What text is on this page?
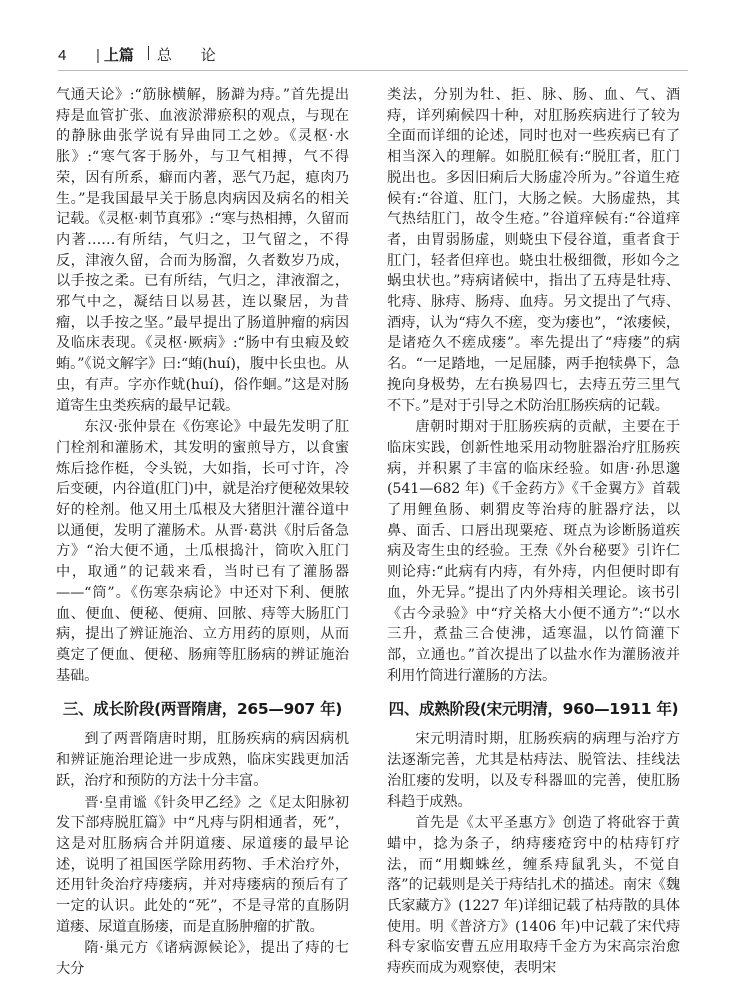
4	| 上篇 总 论

气通天论》:“筋脉横解，肠澼为痔。”首先提出痔是血管扩张、血液淤滞瘀积的观点，与现在的静脉曲张学说有异曲同工之妙。《灵枢·水胀》:“寒气客于肠外，与卫气相搏，气不得荣，因有所系，癖而内著，恶气乃起，瘜肉乃生。”是我国最早关于肠息肉病因及病名的相关记载。《灵枢·刺节真邪》:“寒与热相搏，久留而内著……有所结，气归之，卫气留之，不得反，津液久留，合而为肠溜，久者数岁乃成，以手按之柔。已有所结，气归之，津液溜之，邪气中之，凝结日以易甚，连以聚居，为昔瘤，以手按之坚。”最早提出了肠道肿瘤的病因及临床表现。《灵枢·厥病》:“肠中有虫瘕及蛟蛕。”《说文解字》曰:“蛕(huí)，腹中长虫也。从虫，有声。字亦作蚘(huí)，俗作蛔。”这是对肠道寄生虫类疾病的最早记载。

东汉·张仲景在《伤寒论》中最先发明了肛门栓剂和灌肠术，其发明的蜜煎导方，以食蜜炼后捻作梃，令头锐，大如指，长可寸许，冷后变硬，内谷道(肛门)中，就是治疗便秘效果较好的栓剂。他又用土瓜根及大猪胆汁灌谷道中以通便，发明了灌肠术。从晋·葛洪《肘后备急方》“治大便不通，土瓜根捣汁，筒吹入肛门中，取通”的记载来看，当时已有了灌肠器——“筒”。《伤寒杂病论》中还对下利、便脓血、便血、便秘、便痈、回脓、痔等大肠肛门病，提出了辨证施治、立方用药的原则，从而奠定了便血、便秘、肠痈等肛肠病的辨证施治基础。

三、成长阶段(两晋隋唐，265—907 年)

到了两晋隋唐时期，肛肠疾病的病因病机和辨证施治理论进一步成熟，临床实践更加活跃，治疗和预防的方法十分丰富。

晋·皇甫谧《针灸甲乙经》之《足太阳脉初发下部痔脱肛篇》中“凡痔与阴相通者，死”，这是对肛肠病合并阴道瘘、尿道瘘的最早论述，说明了祖国医学除用药物、手术治疗外，还用针灸治疗痔瘘病，并对痔瘘病的预后有了一定的认识。此处的“死”，不是寻常的直肠阴道瘘、尿道直肠瘘，而是直肠肿瘤的扩散。

隋·巢元方《诸病源候论》，提出了痔的七大分

类法，分别为牡、拒、脉、肠、血、气、酒痔，详列痢候四十种，对肛肠疾病进行了较为全面而详细的论述，同时也对一些疾病已有了相当深入的理解。如脱肛候有:“脱肛者，肛门脱出也。多因旧痢后大肠虚冷所为。”谷道生疮候有:“谷道、肛门，大肠之候。大肠虚热，其气热结肛门，故令生疮。”谷道痒候有:“谷道痒者，由胃弱肠虚，则蛲虫下侵谷道，重者食于肛门，轻者但痒也。蛲虫壮极细微，形如今之蜗虫状也。”痔病诸候中，指出了五痔是牡痔、牝痔、脉痔、肠痔、血痔。另文提出了气痔、酒痔，认为“痔久不瘥，变为瘘也”，“浓瘘候，是诸疮久不瘥成瘘”。率先提出了“痔瘘”的病名。“一足踏地，一足屈膝，两手抱犊鼻下，急挽向身极势，左右换易四七，去痔五劳三里气不下。”是对于引导之术防治肛肠疾病的记载。

唐朝时期对于肛肠疾病的贡献，主要在于临床实践，创新性地采用动物脏器治疗肛肠疾病，并积累了丰富的临床经验。如唐·孙思邈(541—682 年)《千金药方》《千金翼方》首载了用鲤鱼肠、刺猬皮等治痔的脏器疗法，以鼻、面舌、口唇出现粟疮、斑点为诊断肠道疾病及寄生虫的经验。王焘《外台秘要》引许仁则论痔:“此病有内痔，有外痔，内但便时即有血，外无异。”提出了内外痔相关理论。该书引《古今录验》中“疗关格大小便不通方”:“以水三升，煮盐三合使沸，适寒温，以竹筒灌下部，立通也。”首次提出了以盐水作为灌肠液并利用竹筒进行灌肠的方法。

四、成熟阶段(宋元明清，960—1911 年)

宋元明清时期，肛肠疾病的病理与治疗方法逐渐完善，尤其是枯痔法、脱管法、挂线法治肛瘘的发明，以及专科器皿的完善，使肛肠科趋于成熟。

首先是《太平圣惠方》创造了将砒容于黄蜡中，捻为条子，纳痔瘘疮窍中的枯痔钉疗法，而“用蜘蛛丝，缠系痔鼠乳头，不觉自落”的记载则是关于痔结扎术的描述。南宋《魏氏家藏方》(1227 年)详细记载了枯痔散的具体使用。明《普济方》(1406 年)中记载了宋代痔科专家临安曹五应用取痔千金方为宋高宗治愈痔疾而成为观察使，表明宋
